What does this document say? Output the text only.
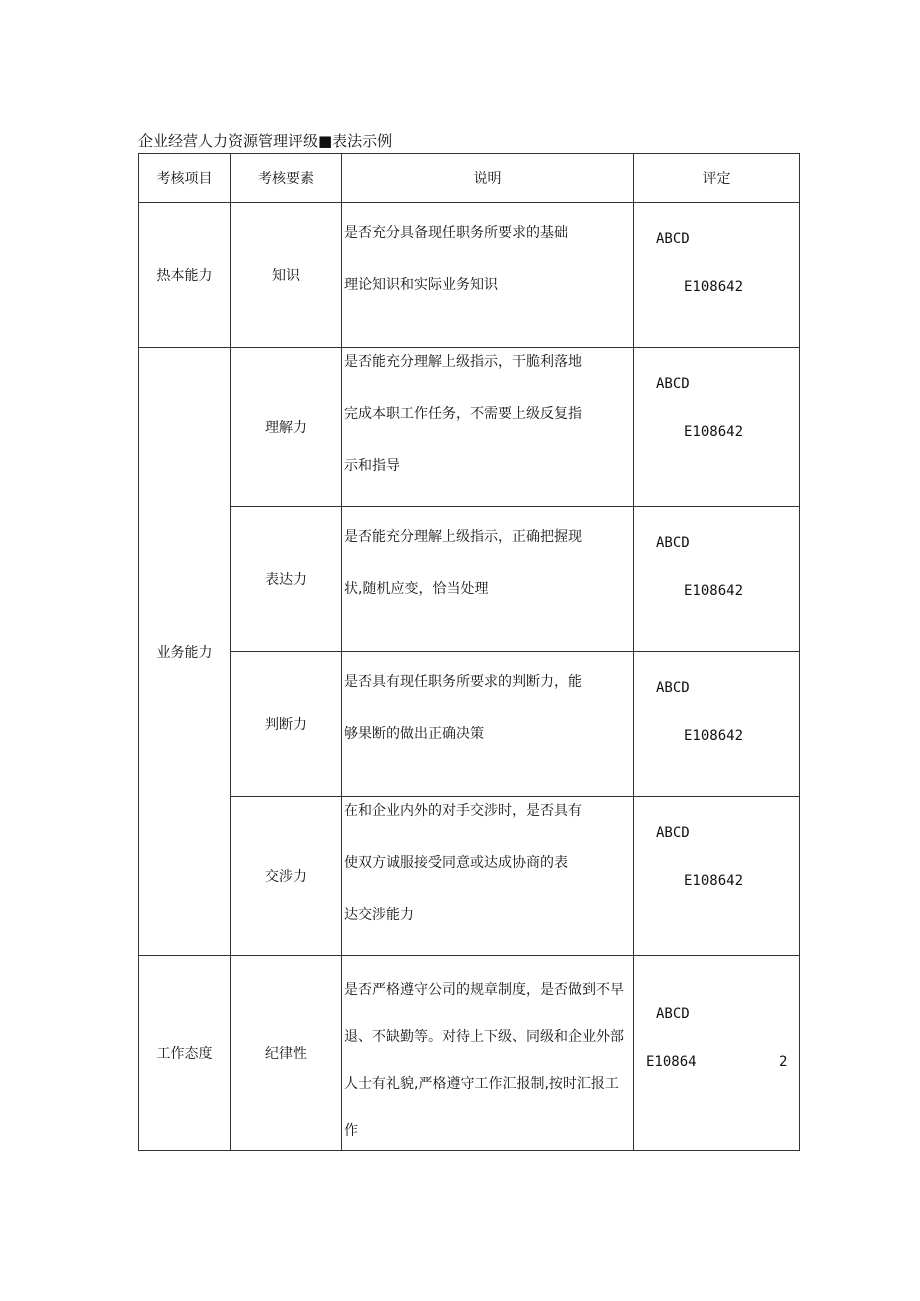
企业经营人力资源管理评级■表法示例
考核项目	考核要素	说明	评定
热本能力	知识	是否充分具备现任职务所要求的基础
理论知识和实际业务知识	ABCD
E108642

业务能力	理解力	是否能充分理解上级指示，干脆利落地
完成本职工作任务，不需要上级反复指
示和指导	ABCD
E108642

	表达力	是否能充分理解上级指示，正确把握现
状,随机应变，恰当处理	ABCD
E108642

	判断力	是否具有现任职务所要求的判断力，能
够果断的做出正确决策	ABCD
E108642

	交涉力	在和企业内外的对手交涉时，是否具有
使双方诚服接受同意或达成协商的表
达交涉能力	ABCD
E108642

工作态度	纪律性	是否严格遵守公司的规章制度，是否做到不早
退、不缺勤等。对待上下级、同级和企业外部
人士有礼貌,严格遵守工作汇报制,按时汇报工
作	ABCD
E10864 2
